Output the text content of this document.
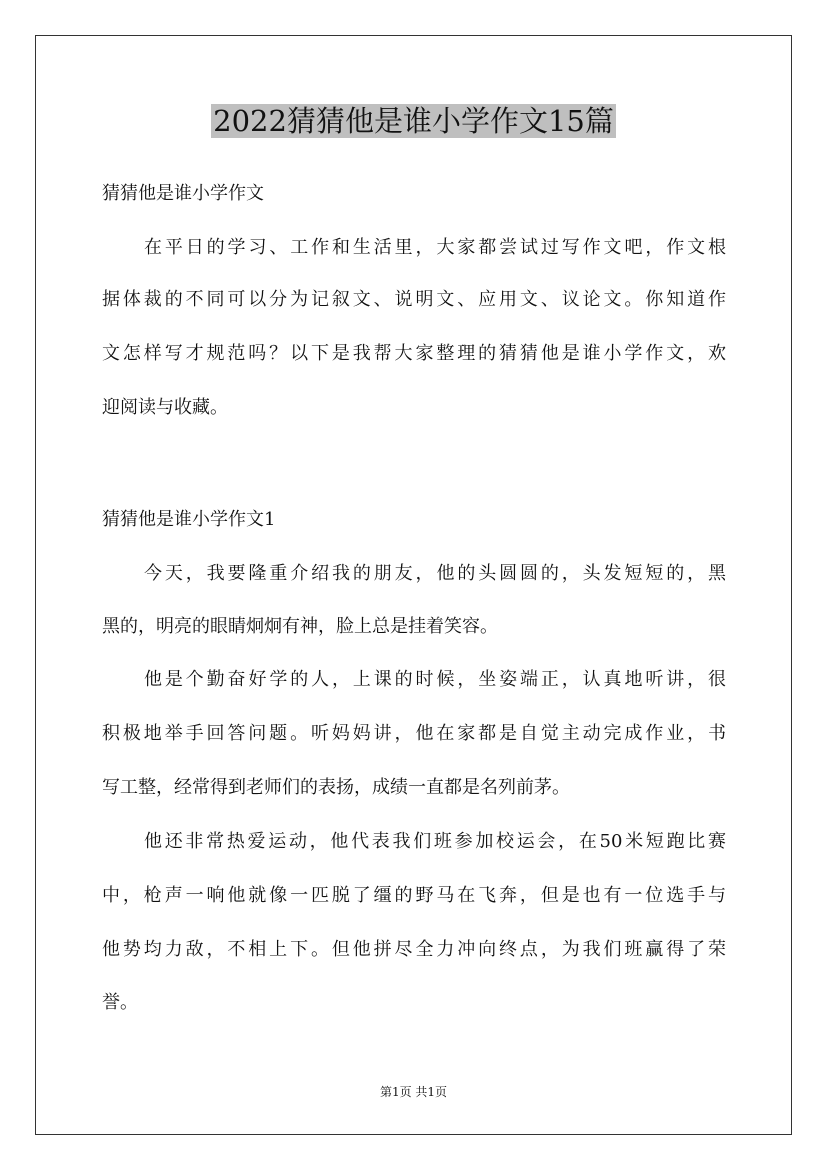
2022猜猜他是谁小学作文15篇

猜猜他是谁小学作文

在平日的学习、工作和生活里，大家都尝试过写作文吧，作文根

据体裁的不同可以分为记叙文、说明文、应用文、议论文。你知道作

文怎样写才规范吗？以下是我帮大家整理的猜猜他是谁小学作文，欢

迎阅读与收藏。

猜猜他是谁小学作文1

今天，我要隆重介绍我的朋友，他的头圆圆的，头发短短的，黑

黑的，明亮的眼睛炯炯有神，脸上总是挂着笑容。

他是个勤奋好学的人，上课的时候，坐姿端正，认真地听讲，很

积极地举手回答问题。听妈妈讲，他在家都是自觉主动完成作业，书

写工整，经常得到老师们的表扬，成绩一直都是名列前茅。

他还非常热爱运动，他代表我们班参加校运会，在50米短跑比赛

中，枪声一响他就像一匹脱了缰的野马在飞奔，但是也有一位选手与

他势均力敌，不相上下。但他拼尽全力冲向终点，为我们班赢得了荣

誉。

第1页 共1页
